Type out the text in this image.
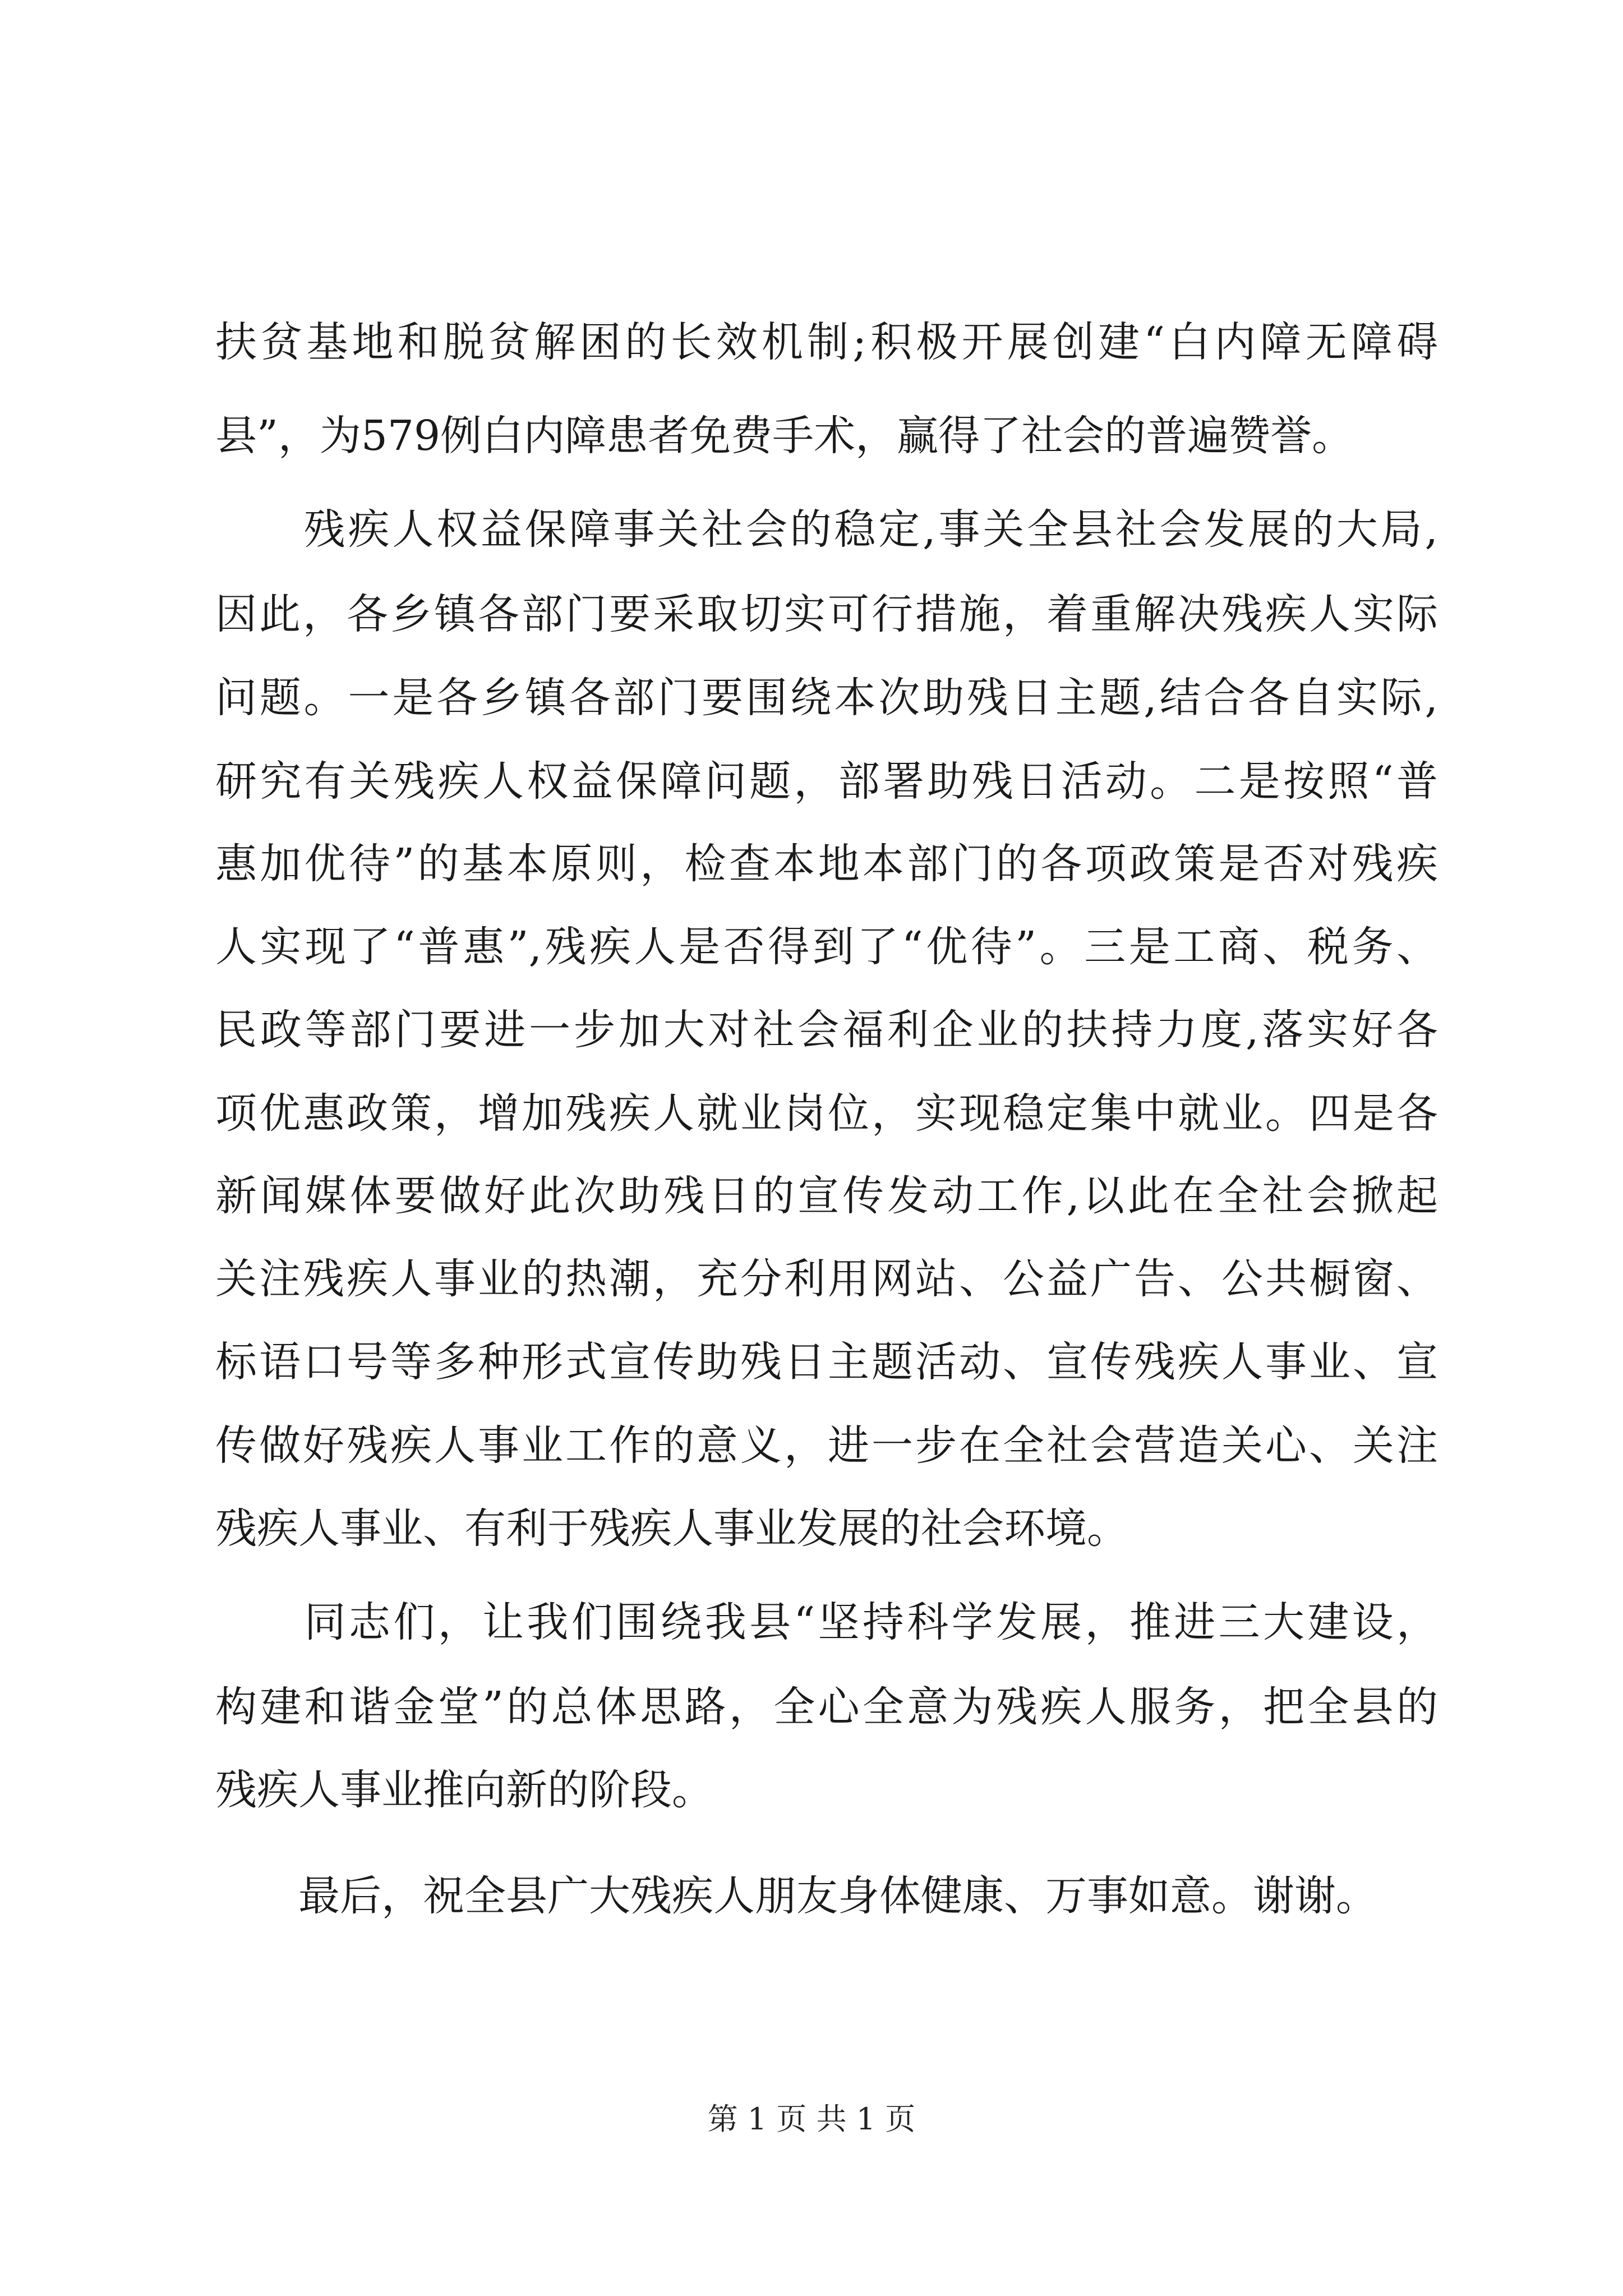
扶贫基地和脱贫解困的长效机制;积极开展创建“白内障无障碍
县”，为579例白内障患者免费手术，赢得了社会的普遍赞誉。
　　残疾人权益保障事关社会的稳定,事关全县社会发展的大局,
因此，各乡镇各部门要采取切实可行措施，着重解决残疾人实际
问题。一是各乡镇各部门要围绕本次助残日主题,结合各自实际,
研究有关残疾人权益保障问题，部署助残日活动。二是按照“普
惠加优待”的基本原则，检查本地本部门的各项政策是否对残疾
人实现了“普惠”,残疾人是否得到了“优待”。三是工商、税务、
民政等部门要进一步加大对社会福利企业的扶持力度,落实好各
项优惠政策，增加残疾人就业岗位，实现稳定集中就业。四是各
新闻媒体要做好此次助残日的宣传发动工作,以此在全社会掀起
关注残疾人事业的热潮，充分利用网站、公益广告、公共橱窗、
标语口号等多种形式宣传助残日主题活动、宣传残疾人事业、宣
传做好残疾人事业工作的意义，进一步在全社会营造关心、关注
残疾人事业、有利于残疾人事业发展的社会环境。
　　同志们，让我们围绕我县“坚持科学发展，推进三大建设，
构建和谐金堂”的总体思路，全心全意为残疾人服务，把全县的
残疾人事业推向新的阶段。
　　最后，祝全县广大残疾人朋友身体健康、万事如意。谢谢。
第 1 页 共 1 页
